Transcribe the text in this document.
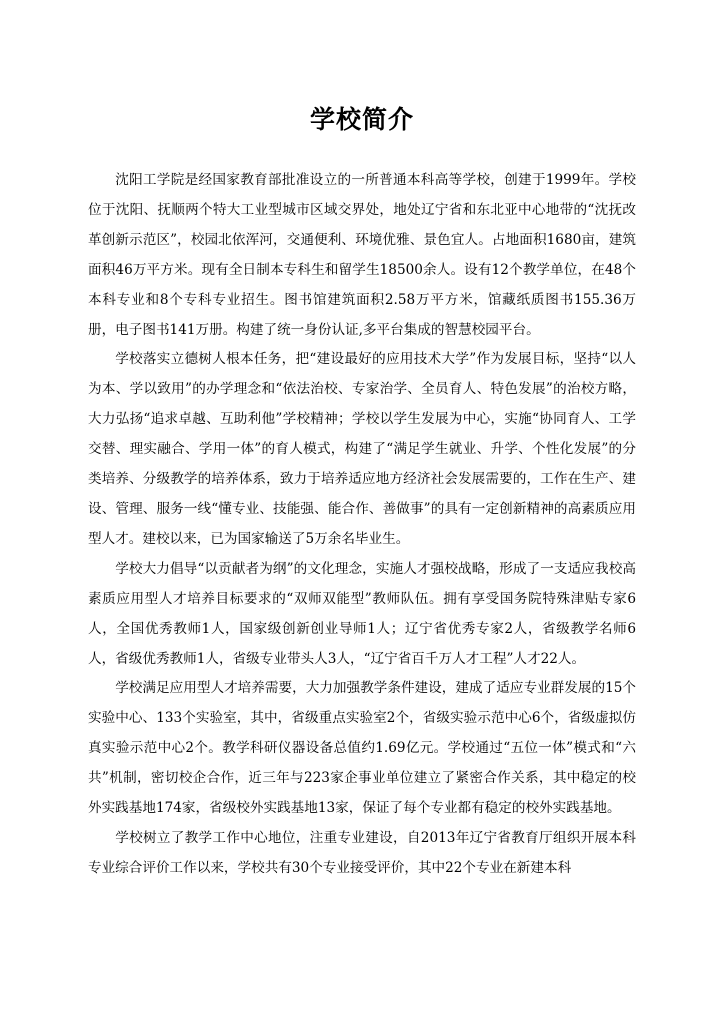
学校简介

沈阳工学院是经国家教育部批准设立的一所普通本科高等学校，创建于1999年。学校位于沈阳、抚顺两个特大工业型城市区域交界处，地处辽宁省和东北亚中心地带的“沈抚改革创新示范区”，校园北依浑河，交通便利、环境优雅、景色宜人。占地面积1680亩，建筑面积46万平方米。现有全日制本专科生和留学生18500余人。设有12个教学单位，在48个本科专业和8个专科专业招生。图书馆建筑面积2.58万平方米，馆藏纸质图书155.36万册，电子图书141万册。构建了统一身份认证,多平台集成的智慧校园平台。

学校落实立德树人根本任务，把“建设最好的应用技术大学”作为发展目标，坚持“以人为本、学以致用”的办学理念和“依法治校、专家治学、全员育人、特色发展”的治校方略，大力弘扬“追求卓越、互助利他”学校精神；学校以学生发展为中心，实施“协同育人、工学交替、理实融合、学用一体”的育人模式，构建了“满足学生就业、升学、个性化发展”的分类培养、分级教学的培养体系，致力于培养适应地方经济社会发展需要的，工作在生产、建设、管理、服务一线“懂专业、技能强、能合作、善做事”的具有一定创新精神的高素质应用型人才。建校以来，已为国家输送了5万余名毕业生。

学校大力倡导“以贡献者为纲”的文化理念，实施人才强校战略，形成了一支适应我校高素质应用型人才培养目标要求的“双师双能型”教师队伍。拥有享受国务院特殊津贴专家6人，全国优秀教师1人，国家级创新创业导师1人；辽宁省优秀专家2人，省级教学名师6人，省级优秀教师1人，省级专业带头人3人，“辽宁省百千万人才工程”人才22人。

学校满足应用型人才培养需要，大力加强教学条件建设，建成了适应专业群发展的15个实验中心、133个实验室，其中，省级重点实验室2个，省级实验示范中心6个，省级虚拟仿真实验示范中心2个。教学科研仪器设备总值约1.69亿元。学校通过“五位一体”模式和“六共”机制，密切校企合作，近三年与223家企事业单位建立了紧密合作关系，其中稳定的校外实践基地174家，省级校外实践基地13家，保证了每个专业都有稳定的校外实践基地。

学校树立了教学工作中心地位，注重专业建设，自2013年辽宁省教育厅组织开展本科专业综合评价工作以来，学校共有30个专业接受评价，其中22个专业在新建本科
